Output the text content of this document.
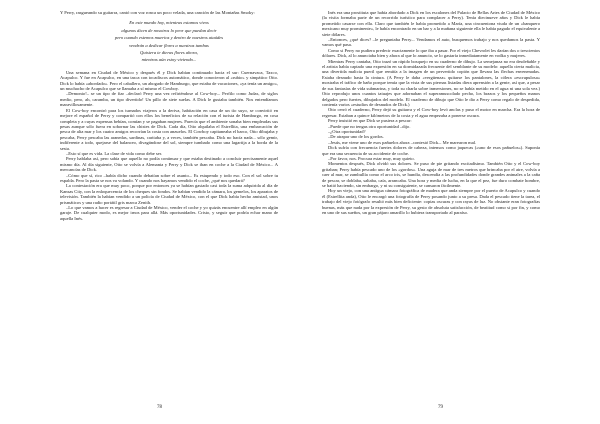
Y Perry, rasgueando su guitarra, cantó con voz ronca un poco velada, una canción de las Montañas Smoky:

En este mundo hoy, mientras estamos vivos
algunos dicen de nosotros lo peor que puedan decir
pero cuando estemos muertos y dentro de nuestros ataúdes
vendrán a dedicar flores a nuestras tumbas
Quisiera te dieras flores ahora,
mientras aún estoy viviendo...

Una semana en Ciudad de México y después él y Dick habían continuado hacia el sur: Cuernavaca, Taxco, Acapulco. Y fue en Acapulco, en una tasca con tocadiscos automático, donde conocieron al «rubio» y simpático Otto. Dick lo había «abordado». Pero el caballero, un abogado de Hamburgo, que estaba de vacaciones, «ya tenía un amigo», un muchacho de Acapulco que se llamaba a sí mismo el Cowboy.

–Demonio!– se un tipo de fiar –declaró Perry una vez refiriéndose al Cow-boy–. Perfilo como Judas, de siglos medio, pero, ah, caramba, un tipo divertido! Un pillo de siete suelas. A Dick le gustaba también. Nos entendíamos maravillosamente.

El Cow-boy encontró para los turnados viajeros a la deriva, habitación en casa de un tío suyo, se convirtió en mejore el español de Perry y compartió con ellos los beneficios de su relación con el turista de Hamburgo, en cosa completa y a cuyas expensas bebían, comían y se pagaban mujeres. Parecía que el ambiente sonaba bien empleadas sus pesas aunque sólo fuera en sobornar las chistes de Dick. Cada día, Otto alquilaba el Estrellita, una embarcación de pesca de alta mar y los cuatro amigos recorrían la costa con anzuelos. El Cowboy capitaneaba el barco, Otto dibujaba y pescaba, Perry pescaba las aranedas, sardinas, caritaba y, a veces, también pescaba. Dick no hacía nada... sólo gemir, indiferente a todo, quejarse del balanceo, divagándose del sol, siempre tumbado como una lagartija a la borda de la sesta.

–Esto sí que es vida. La clase de vida como debe ser.

Perry hablaba así, pero sabía que aquello no podía continuar y que estaba destinado a concluir precisamente aquel mismo día. Al día siguiente, Otto se volvía a Alemania y Perry y Dick se iban en coche a la Ciudad de México... A mercancías de Dick.

–Cómo que sí, rico –había dicho cuando debatían sobre el asunto–. Es estupendo y todo eso. Con el sol sobre tu espalda. Pero la pasta se nos va volando. Y cuando nos hayamos vendido el coche, ¿qué nos quedará?

La contestación era que muy poco, porque por entonces ya se habían gastado casi toda la suma adquirida al día de Kansas City, con la enloquecencia de los cheques sin fondos. Se habían vendido la cámara, los gemelos, los aparatos de televisión. También la habían vendido a un policía de Ciudad de México, con el que Dick había hecho amistad, unos prismáticos y una radio portátil gris marca Zenith.

–Lo que vamos a hacer es regresar a Ciudad de México, vender el coche y yo quizás encuentre allí empleo en algún garaje. De cualquier modo, es mejor irnos para allá. Más oportunidades. Cristo, y seguir que podría echar mano de aquella Inés.

78

Inés era una prostituta que había abordado a Dick en los escalones del Palacio de Bellas Artes de Ciudad de México (la visita formaba parte de un recorrido turístico para complacer a Perry). Tenía diecinueve años y Dick le había prometido casarse con ella. Claro que también le había prometido a María, una cincuentona viuda de un «banquero mexicano muy prominente», le había encontrado en un bar y a la mañana siguiente ella le había pagado el equivalente a siete dólares.

–Entonces, ¿qué dices? –le preguntaba Perry–. Vendamos el auto, busquemos trabajo y nos quedamos la pasta. Y vamos qué pasa.

Como si Perry no pudiera predecir exactamente lo que iba a pasar. Por el viejo Chevrolet les darían dos o trescientos dólares. Dick, al lo anunciaba bien y ahora al que lo anuncio, se lo gastaría inmediatamente en vodka y mujeres.

Mientras Perry cantaba, Otto trazó un rápido bosquejo en su cuaderno de dibujo. La semejanza no era desdeñable y el artista había captado una expresión en su dormidazada frecuente del semblante de su modelo: aquella cierta malicia, una divertida malicia pueril que remitía a la imagen de un pervertido copión que llevara las flechas envenenadas. Estaba desnudo hasta la cintura. (A Perry le daba «vergüenza» quitarse los pantalones, la cólera «escrupulosa» mostraba el tráfico de baño porque temía que la vista de sus piernas lisiadas diera aprensión a la gente, así que, a pesar de sus fantasías de vida submarina, y toda su charla sobre inmersiones, no se había metido en el agua ni una sola vez.) Otto reprodujo unos cuantos tatuajes que adornaban el superamuscolado pecho, los brazos y los pequeños manos delgados pero fuertes, dibujados del modelo. El cuaderno de dibujo que Otto le dio a Perry como regalo de despedida, contenía varios «estudios de desnudos de Dick.)

Otto cerró el cuaderno, Perry dejó su guitarra y el Cow-boy levó anclas y puso el motor en marcha. Era la hora de regresar. Estaban a quince kilómetros de la costa y el agua empezaba a ponerse oscura.

Perry insistió en que Dick se pusiera a pescar:

–Puede que no tengas otra oportunidad –dijo.

–¿Otra oportunidad?

–De atrapar uno de los gordos.

–Jesús, me viene uno de esos pañuelos ahora –contestó Dick–. Me marearon mal.

Dick sufría con frecuencia fuertes dolores de cabeza, intensos como jaquecas («uno de esos pañuelos»). Suponía que era una secuencia de su accidente de coche.

–Por favor, nos. Procura estar muy, muy quieto.

Momentos después, Dick olvidó sus dolores. Se puso de pie gritando excitadísimo. También Otto y el Cow-boy gritaban; Perry había pescado uno de los «gordos». Una aguja de mar de tres metros que brincaba por el aire, volvía a caer al mar, se zambullía como el arco iris, se hundía, descendía a las profundidades donde grandes animales a la caña de pescar, se doblaba, saltaba, caía, arrancaba. Una hora y media de lucha, en la que el pez, fue duro combate hombre, se batió haciendo, sin embargo, y ni su consiguiente, se cansaron fácilmente.

Hoy un viejo, con una antigua cámara fotográfica de madera que anda siempre por el puerto de Acapulco y cuando él (Estrellita anda), Otto le encargó una fotografía de Perry posando junto a su presa. Dada el pescado tiene la tarea, el trabajo del viejo fotógrafo resultó más bien deficiente: copias oscuras y con rayas de luz. No obstante eran fotografías buenas, más que nada por la expresión de Perry, su gesto de absoluta satisfacción, de beatitud como si por fin, y como en uno de sus sueños, un gran pájaro amarillo lo hubiera transportado al paraíso.

79
